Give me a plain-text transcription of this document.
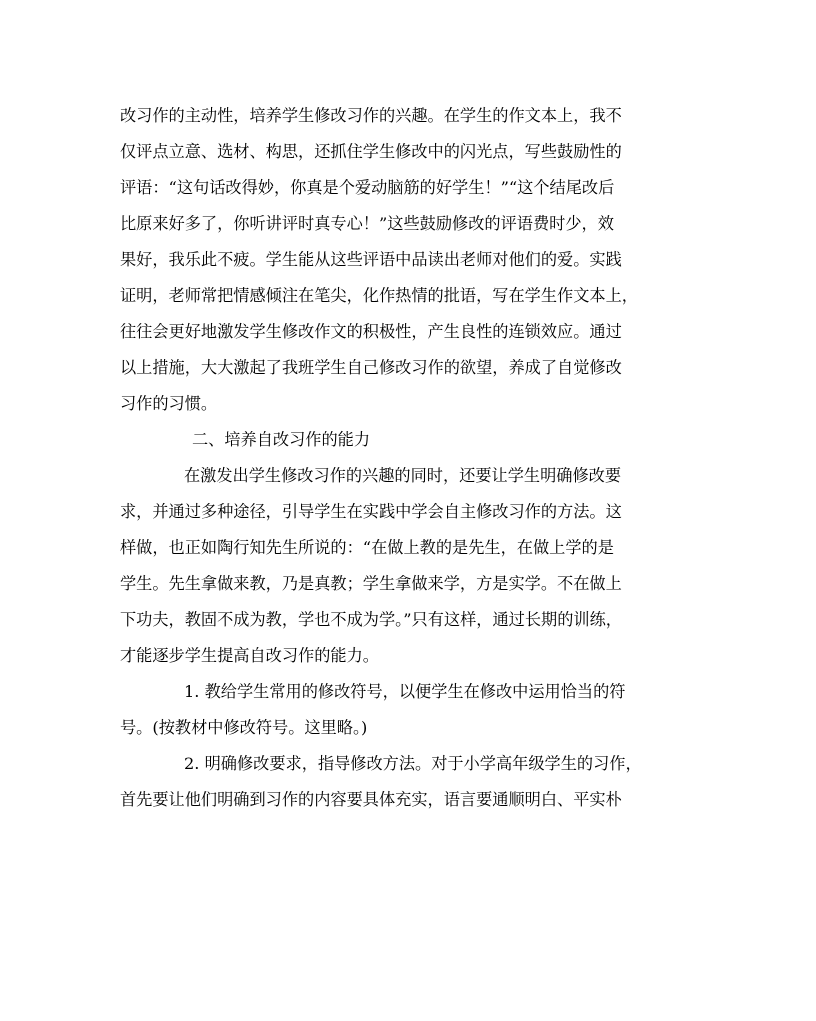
改习作的主动性，培养学生修改习作的兴趣。在学生的作文本上，我不
仅评点立意、选材、构思，还抓住学生修改中的闪光点，写些鼓励性的
评语：“这句话改得妙，你真是个爱动脑筋的好学生！”“这个结尾改后
比原来好多了，你听讲评时真专心！”这些鼓励修改的评语费时少，效
果好，我乐此不疲。学生能从这些评语中品读出老师对他们的爱。实践
证明，老师常把情感倾注在笔尖，化作热情的批语，写在学生作文本上，
往往会更好地激发学生修改作文的积极性，产生良性的连锁效应。通过
以上措施，大大激起了我班学生自己修改习作的欲望，养成了自觉修改
习作的习惯。
二、培养自改习作的能力
在激发出学生修改习作的兴趣的同时，还要让学生明确修改要
求，并通过多种途径，引导学生在实践中学会自主修改习作的方法。这
样做，也正如陶行知先生所说的：“在做上教的是先生，在做上学的是
学生。先生拿做来教，乃是真教；学生拿做来学，方是实学。不在做上
下功夫，教固不成为教，学也不成为学。”只有这样，通过长期的训练，
才能逐步学生提高自改习作的能力。
1. 教给学生常用的修改符号，以便学生在修改中运用恰当的符
号。(按教材中修改符号。这里略。)
2. 明确修改要求，指导修改方法。对于小学高年级学生的习作，
首先要让他们明确到习作的内容要具体充实，语言要通顺明白、平实朴
